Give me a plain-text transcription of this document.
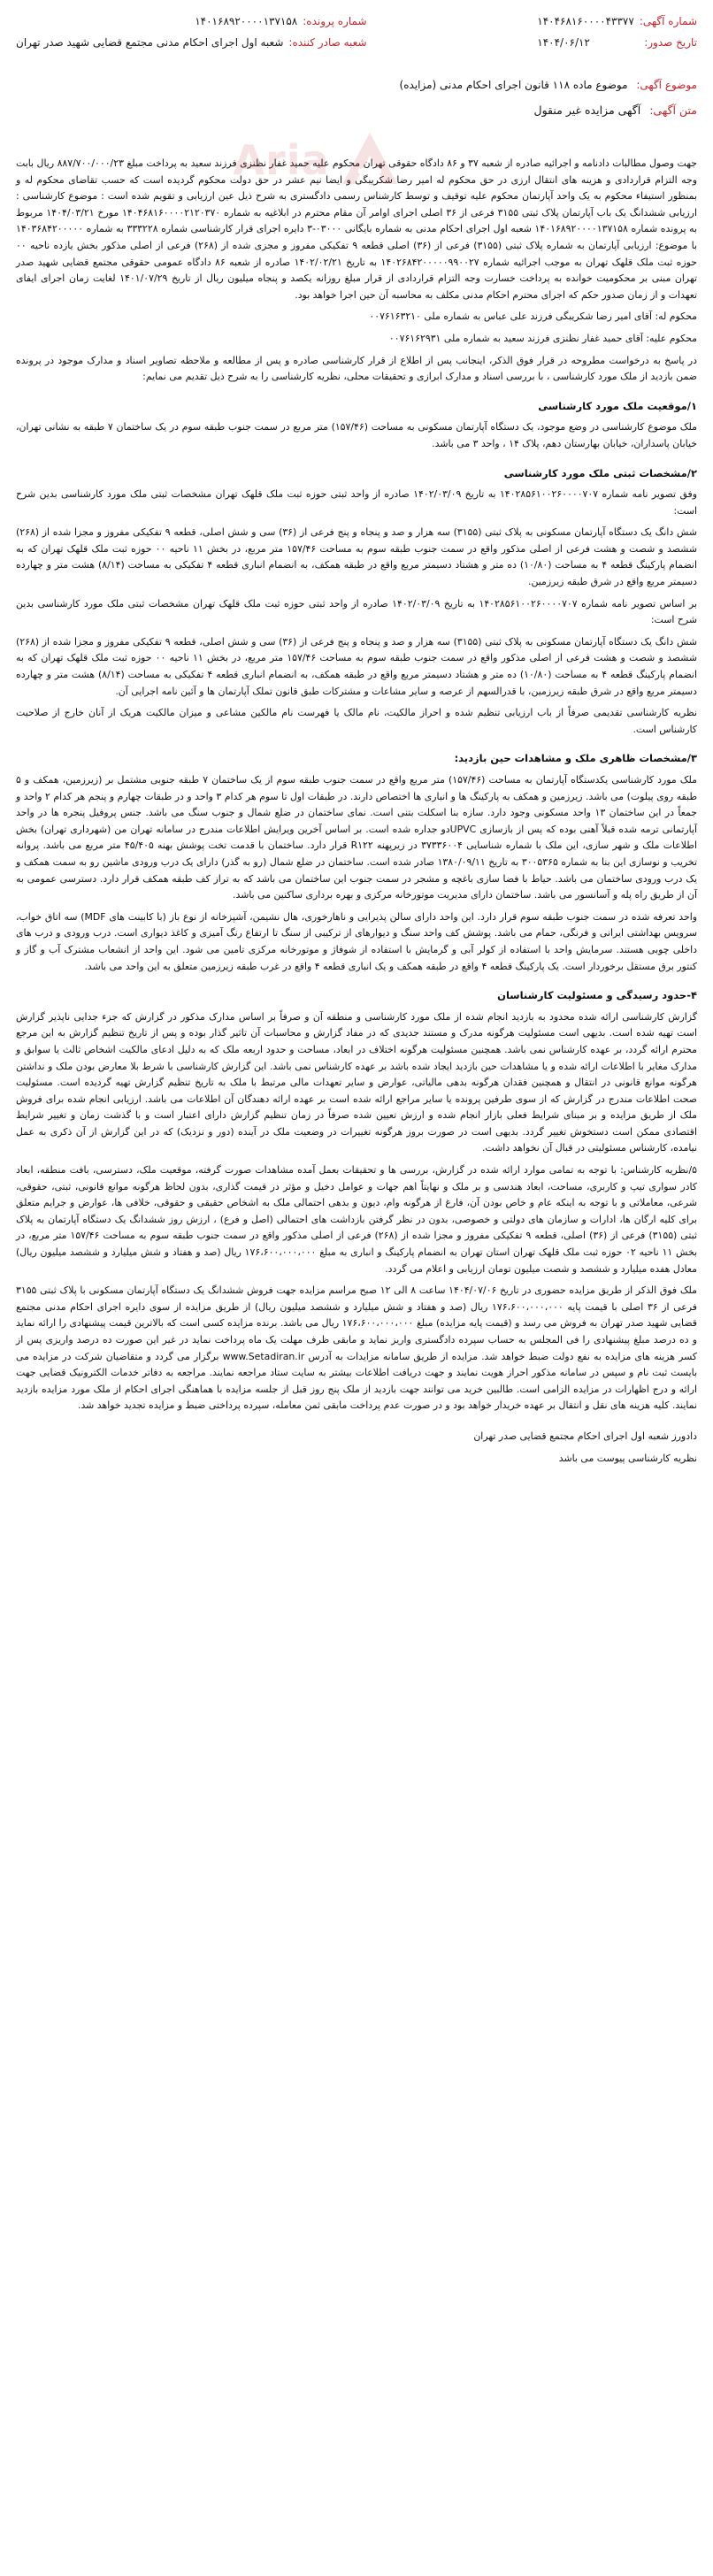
Aria
شماره آگهی:
۱۴۰۴۶۸۱۶۰۰۰۰۴۳۳۷۷
تاریخ صدور:
۱۴۰۴/۰۶/۱۲
شماره پرونده:
۱۴۰۱۶۸۹۲۰۰۰۰۱۳۷۱۵۸
شعبه صادر کننده:
شعبه اول اجرای احکام مدنی مجتمع قضایی شهید صدر تهران
موضوع آگهی: موضوع ماده ۱۱۸ قانون اجرای احکام مدنی (مزایده)
متن آگهی: آگهی مزایده غیر منقول

جهت وصول مطالبات دادنامه و اجرائیه صادره از شعبه ۳۷ و ۸۶ دادگاه حقوقی تهران محکوم علیه حمید غفار نظنزی فرزند سعید به پرداخت مبلغ ۸۸۷/۷۰۰/۰۰۰/۲۳ ریال بابت وجه التزام قراردادی و هزینه های انتقال ارزی در حق محکوم له امیر رضا شکریبگی و ایضا نیم عشر در حق دولت محکوم گردیده است که حسب تقاضای محکوم له و بمنظور استیفاء محکوم به یک واحد آپارتمان محکوم علیه توقیف و توسط کارشناس رسمی دادگستری به شرح ذیل عین ارزیابی و تقویم شده است : موضوع کارشناسی : ارزیابی ششدانگ یک باب آپارتمان پلاک ثبتی ۳۱۵۵ فرعی از ۳۶ اصلی اجرای اوامر آن مقام محترم در ابلاغیه به شماره ۱۴۰۴۶۸۱۶۰۰۰۰۲۱۲۰۳۷۰ مورخ ۱۴۰۴/۰۳/۲۱ مربوط به پرونده شماره ۱۴۰۱۶۸۹۲۰۰۰۰۱۳۷۱۵۸ شعبه اول اجرای احکام مدنی به شماره بایگانی ۰۳۰۰۰-۳ دایره اجرای قرار کارشناسی شماره ۳۳۳۲۲۸ به شماره ۱۴۰۳۶۸۴۲۰۰۰۰۰ با موضوع: ارزیابی آپارتمان به شماره پلاک ثبتی (۳۱۵۵) فرعی از (۳۶) اصلی قطعه ۹ تفکیکی مفروز و مجزی شده از (۲۶۸) فرعی از اصلی مذکور بخش یازده ناحیه ۰۰ حوزه ثبت ملک قلهک تهران به موجب اجرائیه شماره ۱۴۰۲۶۸۴۲۰۰۰۰۰۹۹۰۰۲۷ به تاریخ ۱۴۰۲/۰۲/۲۱ صادره از شعبه ۸۶ دادگاه عمومی حقوقی مجتمع قضایی شهید صدر تهران مبنی بر محکومیت خوانده به پرداخت خسارت وجه التزام قراردادی از قرار مبلغ روزانه یکصد و پنجاه میلیون ریال از تاریخ ۱۴۰۱/۰۷/۲۹ لغایت زمان اجرای ایفای تعهدات و از زمان صدور حکم که اجرای محترم احکام مدنی مکلف به محاسبه آن حین اجرا خواهد بود.

محکوم له: آقای امیر رضا شکریبگی فرزند علی عباس به شماره ملی ۰۰۷۶۱۶۳۲۱۰

محکوم علیه: آقای حمید غفار نظنزی فرزند سعید به شماره ملی ۰۰۷۶۱۶۲۹۳۱

در پاسخ به درخواست مطروحه در قرار فوق الذکر، اینجانب پس از اطلاع از قرار کارشناسی صادره و پس از مطالعه و ملاحظه تصاویر اسناد و مدارک موجود در پرونده ضمن بازدید از ملک مورد کارشناسی ، با بررسی اسناد و مدارک ابرازی و تحقیقات محلی، نظریه کارشناسی را به شرح ذیل تقدیم می نمایم:

۱/موقعیت ملک مورد کارشناسی

ملک موضوع کارشناسی در وضع موجود، یک دستگاه آپارتمان مسکونی به مساحت (۱۵۷/۴۶) متر مربع در سمت جنوب طبقه سوم در یک ساختمان ۷ طبقه به نشانی تهران، خیابان پاسداران، خیابان بهارستان دهم، پلاک ۱۴ ، واحد ۳ می باشد.

۲/مشخصات ثبتی ملک مورد کارشناسی

وفق تصویر نامه شماره ۱۴۰۲۸۵۶۱۰۰۲۶۰۰۰۰۷۰۷ به تاریخ ۱۴۰۲/۰۳/۰۹ صادره از واحد ثبتی حوزه ثبت ملک قلهک تهران مشخصات ثبتی ملک مورد کارشناسی بدین شرح است:

شش دانگ یک دستگاه آپارتمان مسکونی به پلاک ثبتی (۳۱۵۵) سه هزار و صد و پنجاه و پنج فرعی از (۳۶) سی و شش اصلی، قطعه ۹ تفکیکی مفروز و مجزا شده از (۲۶۸) ششصد و شصت و هشت فرعی از اصلی مذکور واقع در سمت جنوب طبقه سوم به مساحت ۱۵۷/۴۶ متر مربع، در بخش ۱۱ ناحیه ۰۰ حوزه ثبت ملک قلهک تهران که به انضمام پارکینگ قطعه ۴ به مساحت (۱۰/۸۰) ده متر و هشتاد دسیمتر مربع واقع در طبقه همکف، به انضمام انباری قطعه ۴ تفکیکی به مساحت (۸/۱۴) هشت متر و چهارده دسیمتر مربع واقع در شرق طبقه زیرزمین.

بر اساس تصویر نامه شماره ۱۴۰۲۸۵۶۱۰۰۲۶۰۰۰۰۷۰۷ به تاریخ ۱۴۰۲/۰۳/۰۹ صادره از واحد ثبتی حوزه ثبت ملک قلهک تهران مشخصات ثبتی ملک مورد کارشناسی بدین شرح است:

شش دانگ یک دستگاه آپارتمان مسکونی به پلاک ثبتی (۳۱۵۵) سه هزار و صد و پنجاه و پنج فرعی از (۳۶) سی و شش اصلی، قطعه ۹ تفکیکی مفروز و مجزا شده از (۲۶۸) ششصد و شصت و هشت فرعی از اصلی مذکور واقع در سمت جنوب طبقه سوم به مساحت ۱۵۷/۴۶ متر مربع، در بخش ۱۱ ناحیه ۰۰ حوزه ثبت ملک قلهک تهران که به انضمام پارکینگ قطعه ۴ به مساحت (۱۰/۸۰) ده متر و هشتاد دسیمتر مربع واقع در طبقه همکف، به انضمام انباری قطعه ۴ تفکیکی به مساحت (۸/۱۴) هشت متر و چهارده دسیمتر مربع واقع در شرق طبقه زیرزمین، با قدرالسهم از عرصه و سایر مشاعات و مشترکات طبق قانون تملک آپارتمان ها و آئین نامه اجرایی آن.

نظریه کارشناسی تقدیمی صرفاً از باب ارزیابی تنظیم شده و احراز مالکیت، نام مالک یا فهرست نام مالکین مشاعی و میزان مالکیت هریک از آنان خارج از صلاحیت کارشناس است.

۳/مشخصات ظاهری ملک و مشاهدات حین بازدید:

ملک مورد کارشناسی یکدستگاه آپارتمان به مساحت (۱۵۷/۴۶) متر مربع واقع در سمت جنوب طبقه سوم از یک ساختمان ۷ طبقه جنوبی مشتمل بر (زیرزمین، همکف و ۵ طبقه روی پیلوت) می باشد. زیرزمین و همکف به پارکینگ ها و انباری ها اختصاص دارند. در طبقات اول تا سوم هر کدام ۳ واحد و در طبقات چهارم و پنجم هر کدام ۲ واحد و جمعاً در این ساختمان ۱۳ واحد مسکونی وجود دارد. سازه بنا اسکلت بتنی است. نمای ساختمان در ضلع شمال و جنوب سنگ می باشد. جنس پروفیل پنجره ها در واحد آپارتمانی ترمه شده قبلاً آهنی بوده که پس از بازسازی UPVCدو جداره شده است. بر اساس آخرین ویرایش اطلاعات مندرج در سامانه تهران من (شهرداری تهران) بخش اطلاعات ملک و شهر سازی، این ملک با شماره شناسایی ۳۷۳۳۶۰۰۴ در زیرپهنه R۱۲۲ قرار دارد. ساختمان با قدمت تخت پوشش بهنه ۴۵/۴۰۵ متر مربع می باشد. پروانه تخریب و نوسازی این بنا به شماره ۳۰۰۵۳۶۵ به تاریخ ۱۳۸۰/۰۹/۱۱ صادر شده است. ساختمان در ضلع شمال (رو به گذر) دارای یک درب ورودی ماشین رو به سمت همکف و یک درب ورودی ساختمان می باشد. حیاط با فضا سازی باغچه و مشجر در سمت جنوب این ساختمان می باشد که به تراز کف طبقه همکف قرار دارد. دسترسی عمومی به آن از طریق راه پله و آسانسور می باشد. ساختمان دارای مدیریت موتورخانه مرکزی و بهره برداری ساکنین می باشد.

واحد تعرفه شده در سمت جنوب طبقه سوم قرار دارد. این واحد دارای سالن پذیرایی و ناهارخوری، هال نشیمن، آشپزخانه از نوع باز (با کابینت های MDF) سه اتاق خواب، سرویس بهداشتی ایرانی و فرنگی، حمام می باشد. پوشش کف واحد سنگ و دیوارهای از ترکیبی از سنگ تا ارتفاع رنگ آمیزی و کاغذ دیواری است. درب ورودی و درب های داخلی چوبی هستند. سرمایش واحد با استفاده از کولر آبی و گرمایش با استفاده از شوفاژ و موتورخانه مرکزی تامین می شود. این واحد از انشعاب مشترک آب و گاز و کنتور برق مستقل برخوردار است. یک پارکینگ قطعه ۴ واقع در طبقه همکف و یک انباری قطعه ۴ واقع در غرب طبقه زیرزمین متعلق به این واحد می باشد.

۴-حدود رسیدگی و مسئولیت کارشناسان

گزارش کارشناسی ارائه شده محدود به بازدید انجام شده از ملک مورد کارشناسی و منطقه آن و صرفاً بر اساس مدارک مذکور در گزارش که جزء جدایی ناپذیر گزارش است تهیه شده است. بدیهی است مسئولیت هرگونه مدرک و مستند جدیدی که در مفاد گزارش و محاسبات آن تاثیر گذار بوده و پس از تاریخ تنظیم گزارش به این مرجع محترم ارائه گردد، بر عهده کارشناس نمی باشد. همچنین مسئولیت هرگونه اختلاف در ابعاد، مساحت و حدود اربعه ملک که به دلیل ادعای مالکیت اشخاص ثالث یا سوابق و مدارک مغایر با اطلاعات ارائه شده و یا مشاهدات حین بازدید ایجاد شده باشد بر عهده کارشناس نمی باشد. این گزارش کارشناسی با شرط بلا معارض بودن ملک و نداشتن هرگونه موانع قانونی در انتقال و همچنین فقدان هرگونه بدهی مالیاتی، عوارض و سایر تعهدات مالی مرتبط با ملک به تاریخ تنظیم گزارش تهیه گردیده است. مسئولیت صحت اطلاعات مندرج در گزارش که از سوی طرفین پرونده یا سایر مراجع ارائه شده است بر عهده ارائه دهندگان آن اطلاعات می باشد. ارزیابی انجام شده برای فروش ملک از طریق مزایده و بر مبنای شرایط فعلی بازار انجام شده و ارزش تعیین شده صرفاً در زمان تنظیم گزارش دارای اعتبار است و با گذشت زمان و تغییر شرایط اقتصادی ممکن است دستخوش تغییر گردد. بدیهی است در صورت بروز هرگونه تغییرات در وضعیت ملک در آینده (دور و نزدیک) که در این گزارش از آن ذکری به عمل نیامده، کارشناس مسئولیتی در قبال آن نخواهد داشت.

۵/نظریه کارشناس: با توجه به تمامی موارد ارائه شده در گزارش، بررسی ها و تحقیقات بعمل آمده مشاهدات صورت گرفته، موقعیت ملک، دسترسی، بافت منطقه، ابعاد کادر سواری تیپ و کاربری، مساحت، ابعاد هندسی و بر ملک و نهایتاً اهم جهات و عوامل دخیل و مؤثر در قیمت گذاری، بدون لحاظ هرگونه موانع قانونی، ثبتی، حقوقی، شرعی، معاملاتی و با توجه به اینکه عام و خاص بودن آن، فارغ از هرگونه وام، دیون و بدهی احتمالی ملک به اشخاص حقیقی و حقوقی، خلافی ها، عوارض و جرایم متعلق برای کلیه ارگان ها، ادارات و سازمان های دولتی و خصوصی، بدون در نظر گرفتن بازداشت های احتمالی (اصل و فرع) ، ارزش روز ششدانگ یک دستگاه آپارتمان به پلاک ثبتی (۳۱۵۵) فرعی از (۳۶) اصلی، قطعه ۹ تفکیکی مفروز و مجزا شده از (۲۶۸) فرعی از اصلی مذکور واقع در سمت جنوب طبقه سوم به مساحت ۱۵۷/۴۶ متر مربع، در بخش ۱۱ ناحیه ۰۲ حوزه ثبت ملک قلهک تهران استان تهران به انضمام پارکینگ و انباری به مبلغ ۱۷۶،۶۰۰،۰۰۰،۰۰۰ ریال (صد و هفتاد و شش میلیارد و ششصد میلیون ریال) معادل هفده میلیارد و ششصد و شصت میلیون تومان ارزیابی و اعلام می گردد.

ملک فوق الذکر از طریق مزایده حضوری در تاریخ ۱۴۰۴/۰۷/۰۶ ساعت ۸ الی ۱۲ صبح مراسم مزایده جهت فروش ششدانگ یک دستگاه آپارتمان مسکونی با پلاک ثبتی ۳۱۵۵ فرعی از ۳۶ اصلی با قیمت پایه ۱۷۶،۶۰۰،۰۰۰،۰۰۰ ریال (صد و هفتاد و شش میلیارد و ششصد میلیون ریال) از طریق مزایده از سوی دایره اجرای احکام مدنی مجتمع قضایی شهید صدر تهران به فروش می رسد و (قیمت پایه مزایده) مبلغ ۱۷۶،۶۰۰،۰۰۰،۰۰۰ ریال می باشد. برنده مزایده کسی است که بالاترین قیمت پیشنهادی را ارائه نماید و ده درصد مبلغ پیشنهادی را فی المجلس به حساب سپرده دادگستری واریز نماید و مابقی ظرف مهلت یک ماه پرداخت نماید در غیر این صورت ده درصد واریزی پس از کسر هزینه های مزایده به نفع دولت ضبط خواهد شد. مزایده از طریق سامانه مزایدات به آدرس www.Setadiran.ir برگزار می گردد و متقاضیان شرکت در مزایده می بایست ثبت نام و سپس در سامانه مذکور احراز هویت نمایند و جهت دریافت اطلاعات بیشتر به سایت ستاد مراجعه نمایند. مراجعه به دفاتر خدمات الکترونیک قضایی جهت ارائه و درج اظهارات در مزایده الزامی است. طالبین خرید می توانند جهت بازدید از ملک پنج روز قبل از جلسه مزایده با هماهنگی اجرای احکام از ملک مورد مزایده بازدید نمایند. کلیه هزینه های نقل و انتقال بر عهده خریدار خواهد بود و در صورت عدم پرداخت مابقی ثمن معامله، سپرده پرداختی ضبط و مزایده تجدید خواهد شد.

دادورز شعبه اول اجرای احکام مجتمع قضایی صدر تهران

نظریه کارشناسی پیوست می باشد
